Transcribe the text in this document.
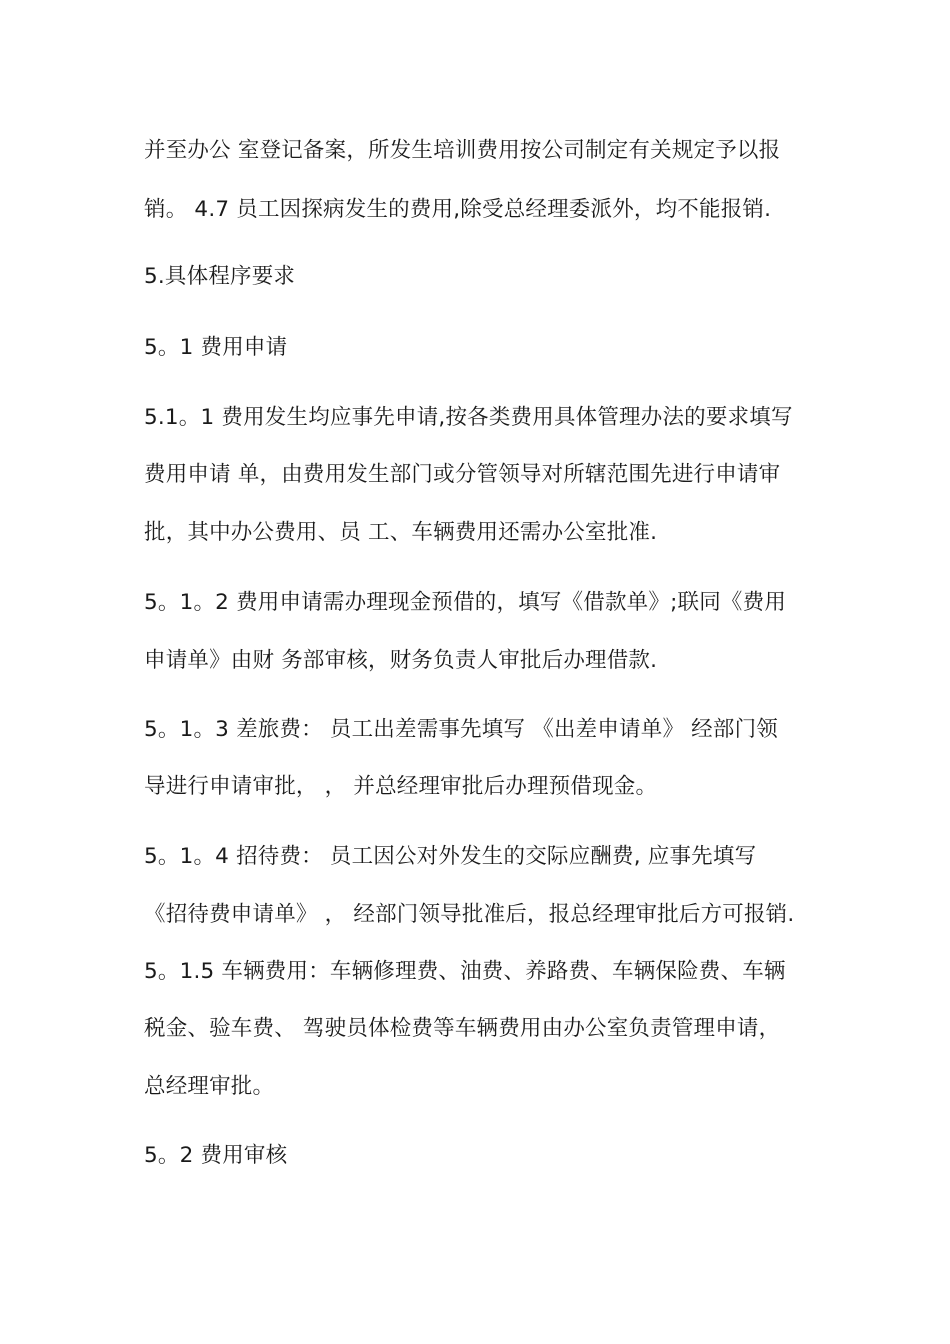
并至办公 室登记备案，所发生培训费用按公司制定有关规定予以报
销。 4.7 员工因探病发生的费用,除受总经理委派外，均不能报销.
5.具体程序要求
5。1 费用申请
5.1。1 费用发生均应事先申请,按各类费用具体管理办法的要求填写
费用申请 单，由费用发生部门或分管领导对所辖范围先进行申请审
批，其中办公费用、员 工、车辆费用还需办公室批准.
5。1。2 费用申请需办理现金预借的，填写《借款单》;联同《费用
申请单》由财 务部审核，财务负责人审批后办理借款.
5。1。3 差旅费： 员工出差需事先填写 《出差申请单》 经部门领
导进行申请审批， ， 并总经理审批后办理预借现金。
5。1。4 招待费： 员工因公对外发生的交际应酬费, 应事先填写
《招待费申请单》 ， 经部门领导批准后，报总经理审批后方可报销.
5。1.5 车辆费用：车辆修理费、油费、养路费、车辆保险费、车辆
税金、验车费、 驾驶员体检费等车辆费用由办公室负责管理申请，
总经理审批。
5。2 费用审核
